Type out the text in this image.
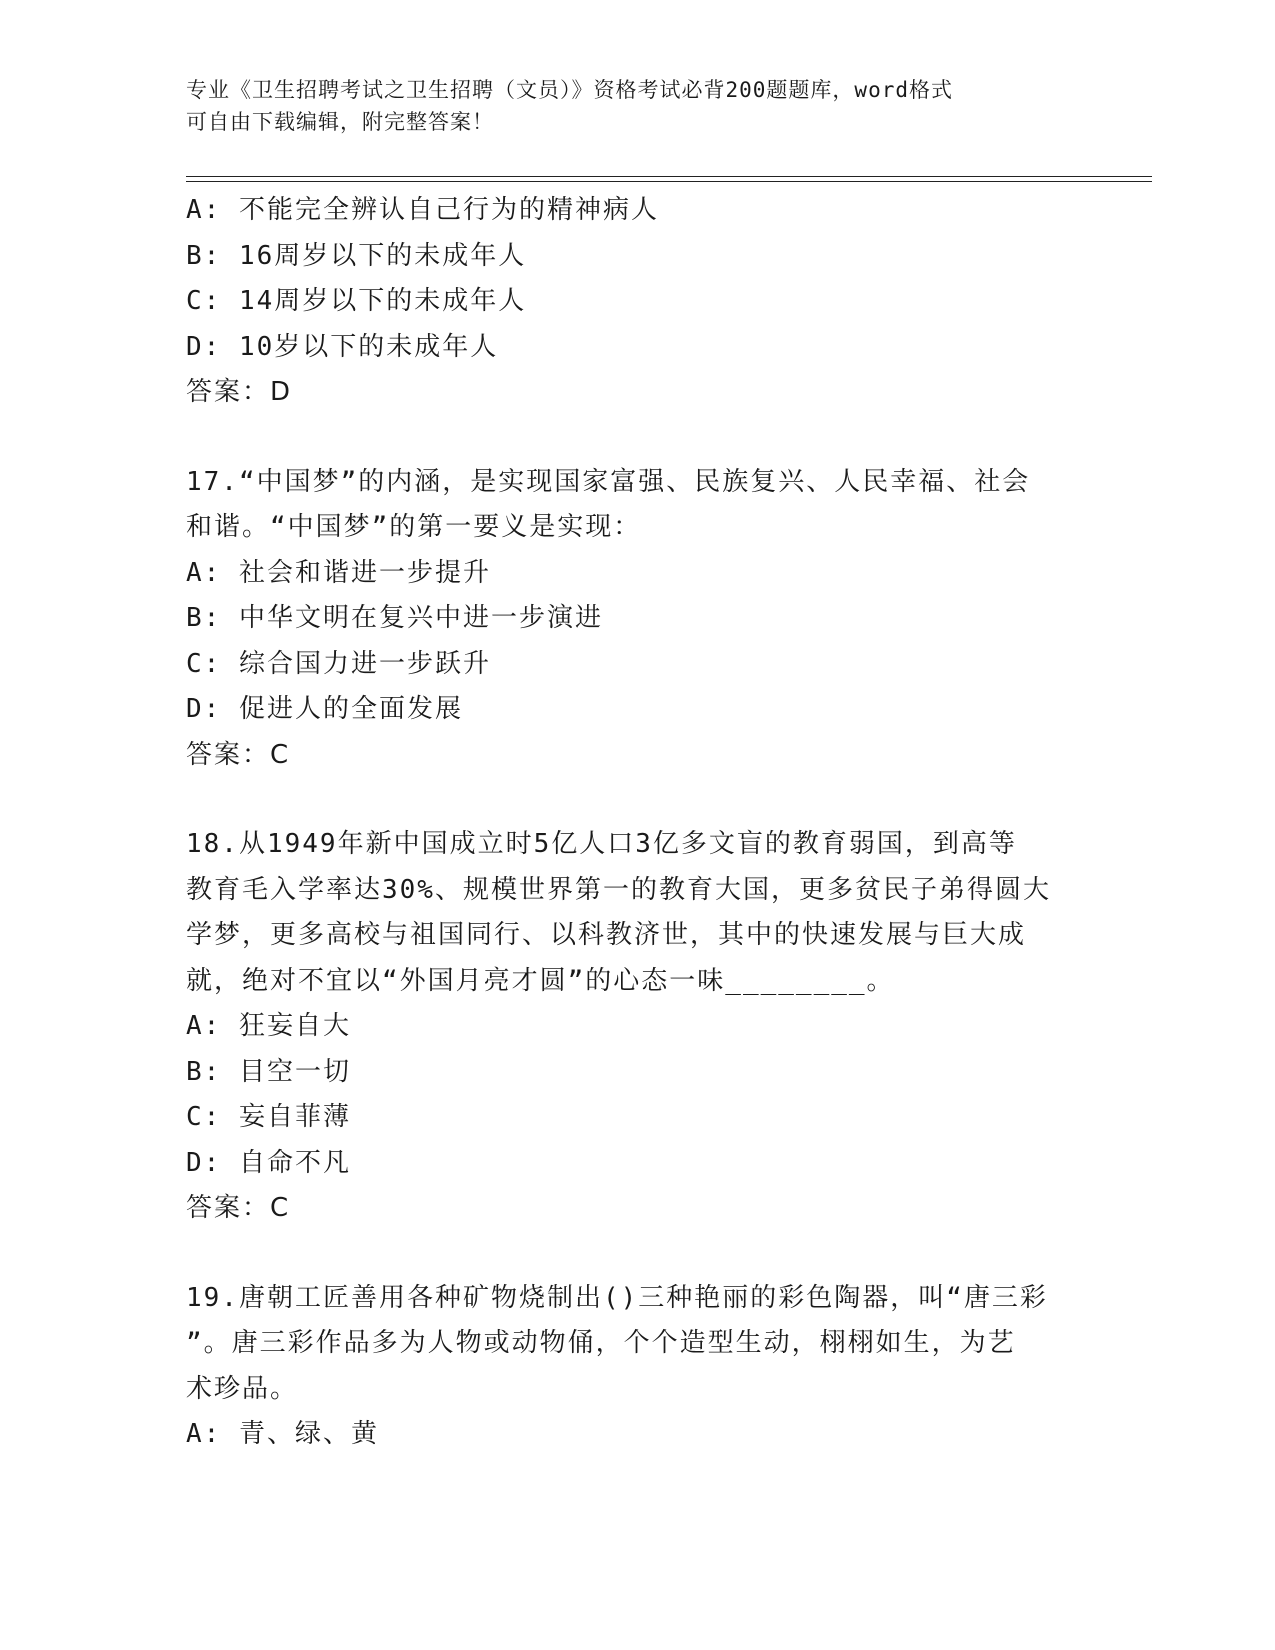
专业《卫生招聘考试之卫生招聘（文员）》资格考试必背200题题库，word格式
可自由下载编辑，附完整答案！
A: 不能完全辨认自己行为的精神病人
B: 16周岁以下的未成年人
C: 14周岁以下的未成年人
D: 10岁以下的未成年人
答案：D
17.“中国梦”的内涵，是实现国家富强、民族复兴、人民幸福、社会
和谐。“中国梦”的第一要义是实现：
A: 社会和谐进一步提升
B: 中华文明在复兴中进一步演进
C: 综合国力进一步跃升
D: 促进人的全面发展
答案：C
18.从1949年新中国成立时5亿人口3亿多文盲的教育弱国，到高等
教育毛入学率达30%、规模世界第一的教育大国，更多贫民子弟得圆大
学梦，更多高校与祖国同行、以科教济世，其中的快速发展与巨大成
就，绝对不宜以“外国月亮才圆”的心态一味________。
A: 狂妄自大
B: 目空一切
C: 妄自菲薄
D: 自命不凡
答案：C
19.唐朝工匠善用各种矿物烧制出()三种艳丽的彩色陶器，叫“唐三彩
”。唐三彩作品多为人物或动物俑，个个造型生动，栩栩如生，为艺
术珍品。
A: 青、绿、黄
